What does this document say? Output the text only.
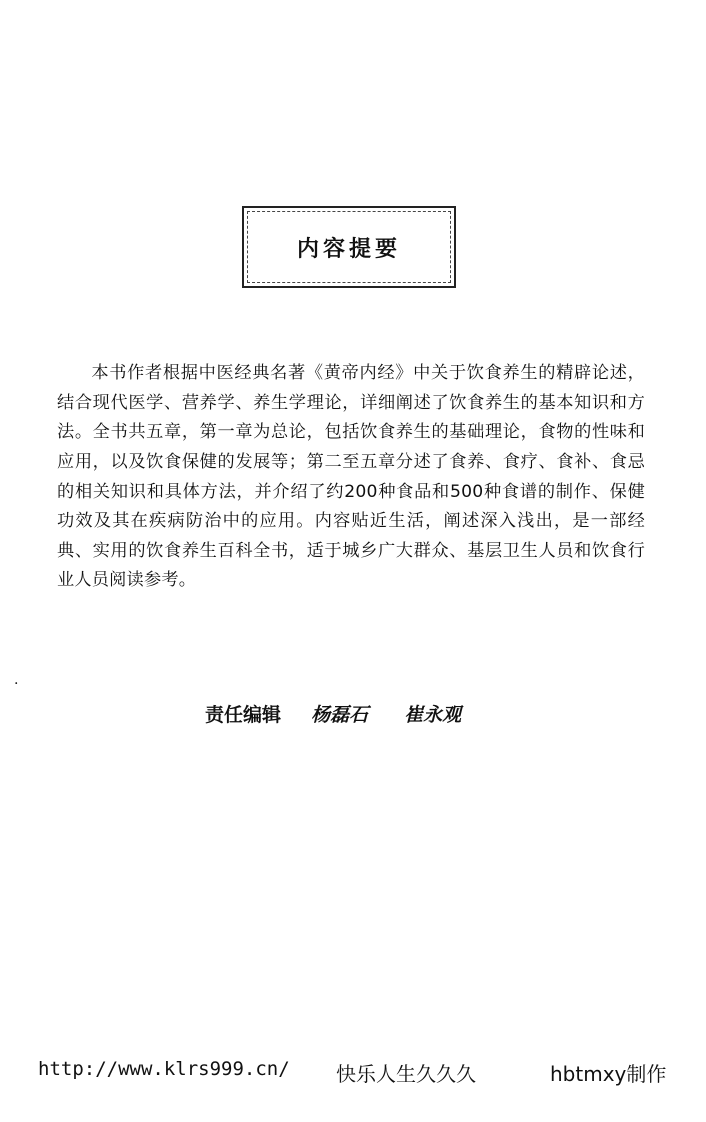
内容提要

本书作者根据中医经典名著《黄帝内经》中关于饮食养生的精辟论述，结合现代医学、营养学、养生学理论，详细阐述了饮食养生的基本知识和方法。全书共五章，第一章为总论，包括饮食养生的基础理论，食物的性味和应用，以及饮食保健的发展等；第二至五章分述了食养、食疗、食补、食忌的相关知识和具体方法，并介绍了约200种食品和500种食谱的制作、保健功效及其在疾病防治中的应用。内容贴近生活，阐述深入浅出，是一部经典、实用的饮食养生百科全书，适于城乡广大群众、基层卫生人员和饮食行业人员阅读参考。

.
责任编辑 杨磊石 崔永观
http://www.klrs999.cn/ 快乐人生久久久	hbtmxy制作
